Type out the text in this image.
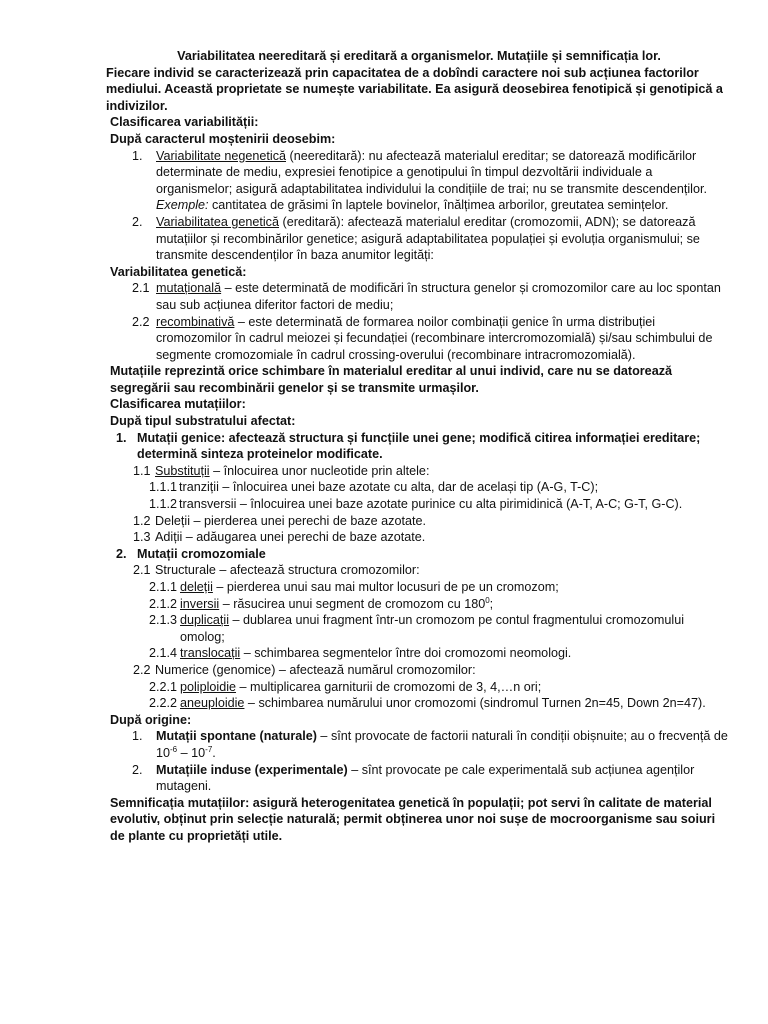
Variabilitatea neereditară și ereditară a organismelor. Mutațiile și semnificația lor.
Fiecare individ se caracterizează prin capacitatea de a dobîndi caractere noi sub acțiunea factorilor mediului. Această proprietate se numește variabilitate. Ea asigură deosebirea fenotipică și genotipică a indivizilor.
Clasificarea variabilității:
După caracterul moștenirii deosebim:
1. Variabilitate negenetică (neereditară): nu afectează materialul ereditar; se datorează modificărilor determinate de mediu, expresiei fenotipice a genotipului în timpul dezvoltării individuale a organismelor; asigură adaptabilitatea individului la condițiile de trai; nu se transmite descendenților. Exemple: cantitatea de grăsimi în laptele bovinelor, înălțimea arborilor, greutatea semințelor.
2. Variabilitatea genetică (ereditară): afectează materialul ereditar (cromozomii, ADN); se datorează mutațiilor și recombinărilor genetice; asigură adaptabilitatea populației și evoluția organismului; se transmite descendenților în baza anumitor legități:
Variabilitatea genetică:
2.1 mutațională – este determinată de modificări în structura genelor și cromozomilor care au loc spontan sau sub acțiunea diferitor factori de mediu;
2.2 recombinativă – este determinată de formarea noilor combinații genice în urma distribuției cromozomilor în cadrul meiozei și fecundației (recombinare intercromozomială) și/sau schimbului de segmente cromozomiale în cadrul crossing-overului (recombinare intracromozomială).
Mutațiile reprezintă orice schimbare în materialul ereditar al unui individ, care nu se datorează segregării sau recombinării genelor și se transmite urmașilor.
Clasificarea mutațiilor:
După tipul substratului afectat:
1. Mutații genice: afectează structura și funcțiile unei gene; modifică citirea informației ereditare; determină sinteza proteinelor modificate.
1.1 Substituții – înlocuirea unor nucleotide prin altele:
1.1.1 tranziții – înlocuirea unei baze azotate cu alta, dar de același tip (A-G, T-C);
1.1.2 transversii – înlocuirea unei baze azotate purinice cu alta pirimidinică (A-T, A-C; G-T, G-C).
1.2 Deleții – pierderea unei perechi de baze azotate.
1.3 Adiții – adăugarea unei perechi de baze azotate.
2. Mutații cromozomiale
2.1 Structurale – afectează structura cromozomilor:
2.1.1 deleții – pierderea unui sau mai multor locusuri de pe un cromozom;
2.1.2 inversii – răsucirea unui segment de cromozom cu $180^0$;
2.1.3 duplicații – dublarea unui fragment într-un cromozom pe contul fragmentului cromozomului omolog;
2.1.4 translocații – schimbarea segmentelor între doi cromozomi neomologi.
2.2 Numerice (genomice) – afectează numărul cromozomilor:
2.2.1 poliploidie – multiplicarea garniturii de cromozomi de 3, 4,…n ori;
2.2.2 aneuploidie – schimbarea numărului unor cromozomi (sindromul Turnen 2n=45, Down 2n=47).
După origine:
1. Mutații spontane (naturale) – sînt provocate de factorii naturali în condiții obișnuite; au o frecvență de $10^{-6} - 10^{-7}$.
2. Mutațiile induse (experimentale) – sînt provocate pe cale experimentală sub acțiunea agenților mutageni.
Semnificația mutațiilor: asigură heterogenitatea genetică în populații; pot servi în calitate de material evolutiv, obținut prin selecție naturală; permit obținerea unor noi sușe de mocroorganisme sau soiuri de plante cu proprietăți utile.
